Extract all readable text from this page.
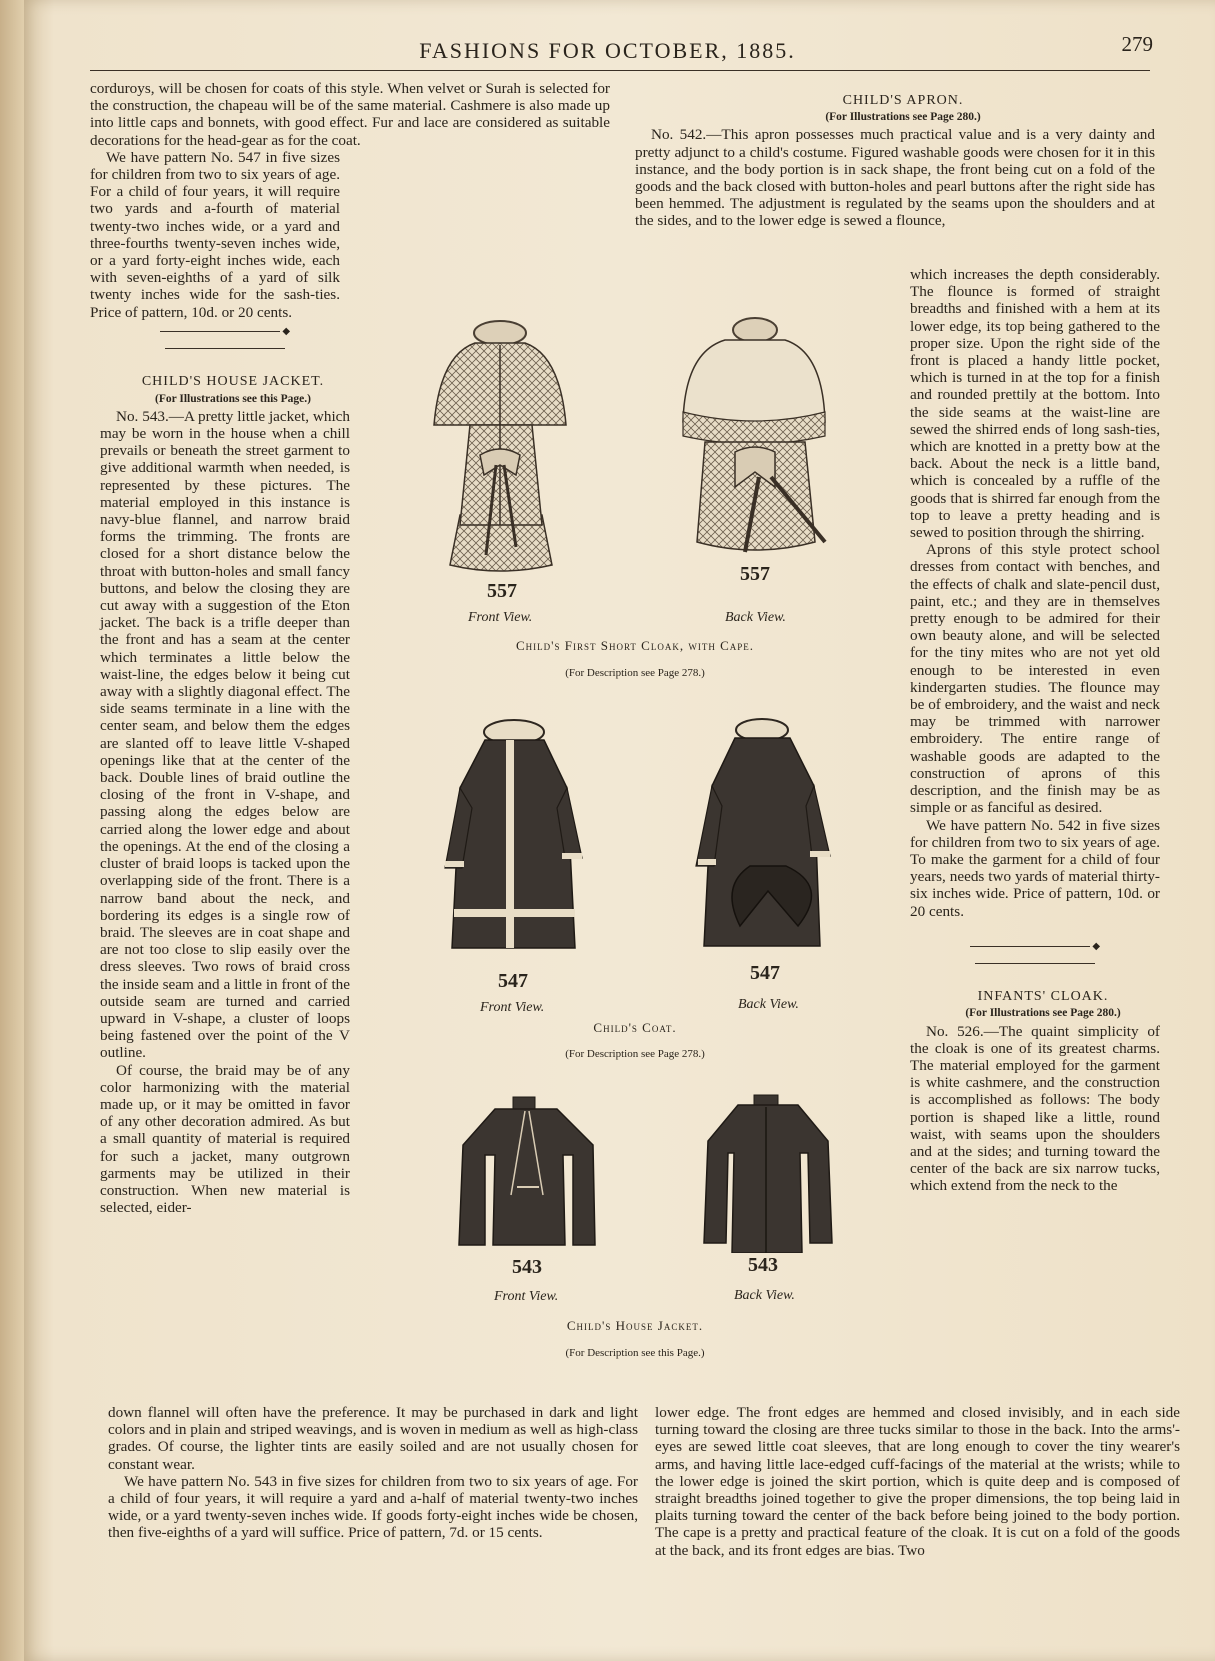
FASHIONS FOR OCTOBER, 1885.	279

corduroys, will be chosen for coats of this style. When velvet or Surah is selected for the construction, the chapeau will be of the same material. Cashmere is also made up into little caps and bonnets, with good effect. Fur and lace are considered as suitable decorations for the head-gear as for the coat.

We have pattern No. 547 in five sizes for children from two to six years of age. For a child of four years, it will require two yards and a-fourth of material twenty-two inches wide, or a yard and three-fourths twenty-seven inches wide, or a yard forty-eight inches wide, each with seven-eighths of a yard of silk twenty inches wide for the sash-ties. Price of pattern, 10d. or 20 cents.

◆

CHILD'S HOUSE JACKET.

(For Illustrations see this Page.)

No. 543.—A pretty little jacket, which may be worn in the house when a chill prevails or beneath the street garment to give additional warmth when needed, is represented by these pictures. The material employed in this instance is navy-blue flannel, and narrow braid forms the trimming. The fronts are closed for a short distance below the throat with button-holes and small fancy buttons, and below the closing they are cut away with a suggestion of the Eton jacket. The back is a trifle deeper than the front and has a seam at the center which terminates a little below the waist-line, the edges below it being cut away with a slightly diagonal effect. The side seams terminate in a line with the center seam, and below them the edges are slanted off to leave little V-shaped openings like that at the center of the back. Double lines of braid outline the closing of the front in V-shape, and passing along the edges below are carried along the lower edge and about the openings. At the end of the closing a cluster of braid loops is tacked upon the overlapping side of the front. There is a narrow band about the neck, and bordering its edges is a single row of braid. The sleeves are in coat shape and are not too close to slip easily over the dress sleeves. Two rows of braid cross the inside seam and a little in front of the outside seam are turned and carried upward in V-shape, a cluster of loops being fastened over the point of the V outline.

Of course, the braid may be of any color harmonizing with the material made up, or it may be omitted in favor of any other decoration admired. As but a small quantity of material is required for such a jacket, many outgrown garments may be utilized in their construction. When new material is selected, eider-

down flannel will often have the preference. It may be purchased in dark and light colors and in plain and striped weavings, and is woven in medium as well as high-class grades. Of course, the lighter tints are easily soiled and are not usually chosen for constant wear.

We have pattern No. 543 in five sizes for children from two to six years of age. For a child of four years, it will require a yard and a-half of material twenty-two inches wide, or a yard twenty-seven inches wide. If goods forty-eight inches wide be chosen, then five-eighths of a yard will suffice. Price of pattern, 7d. or 15 cents.

CHILD'S APRON.

(For Illustrations see Page 280.)

No. 542.—This apron possesses much practical value and is a very dainty and pretty adjunct to a child's costume. Figured washable goods were chosen for it in this instance, and the body portion is in sack shape, the front being cut on a fold of the goods and the back closed with button-holes and pearl buttons after the right side has been hemmed. The adjustment is regulated by the seams upon the shoulders and at the sides, and to the lower edge is sewed a flounce,

which increases the depth considerably. The flounce is formed of straight breadths and finished with a hem at its lower edge, its top being gathered to the proper size. Upon the right side of the front is placed a handy little pocket, which is turned in at the top for a finish and rounded prettily at the bottom. Into the side seams at the waist-line are sewed the shirred ends of long sash-ties, which are knotted in a pretty bow at the back. About the neck is a little band, which is concealed by a ruffle of the goods that is shirred far enough from the top to leave a pretty heading and is sewed to position through the shirring.

Aprons of this style protect school dresses from contact with benches, and the effects of chalk and slate-pencil dust, paint, etc.; and they are in themselves pretty enough to be admired for their own beauty alone, and will be selected for the tiny mites who are not yet old enough to be interested in even kindergarten studies. The flounce may be of embroidery, and the waist and neck may be trimmed with narrower embroidery. The entire range of washable goods are adapted to the construction of aprons of this description, and the finish may be as simple or as fanciful as desired.

We have pattern No. 542 in five sizes for children from two to six years of age. To make the garment for a child of four years, needs two yards of material thirty-six inches wide. Price of pattern, 10d. or 20 cents.

◆

INFANTS' CLOAK.

(For Illustrations see Page 280.)

No. 526.—The quaint simplicity of the cloak is one of its greatest charms. The material employed for the garment is white cashmere, and the construction is accomplished as follows: The body portion is shaped like a little, round waist, with seams upon the shoulders and at the sides; and turning toward the center of the back are six narrow tucks, which extend from the neck to the

lower edge. The front edges are hemmed and closed invisibly, and in each side turning toward the closing are three tucks similar to those in the back. Into the arms'-eyes are sewed little coat sleeves, that are long enough to cover the tiny wearer's arms, and having little lace-edged cuff-facings of the material at the wrists; while to the lower edge is joined the skirt portion, which is quite deep and is composed of straight breadths joined together to give the proper dimensions, the top being laid in plaits turning toward the center of the back before being joined to the body portion. The cape is a pretty and practical feature of the cloak. It is cut on a fold of the goods at the back, and its front edges are bias. Two

557
Front View.
557
Back View.
Child's First Short Cloak, with Cape.
(For Description see Page 278.)
547
Front View.
547
Back View.
Child's Coat.
(For Description see Page 278.)
543
Front View.
543
Back View.
Child's House Jacket.
(For Description see this Page.)
